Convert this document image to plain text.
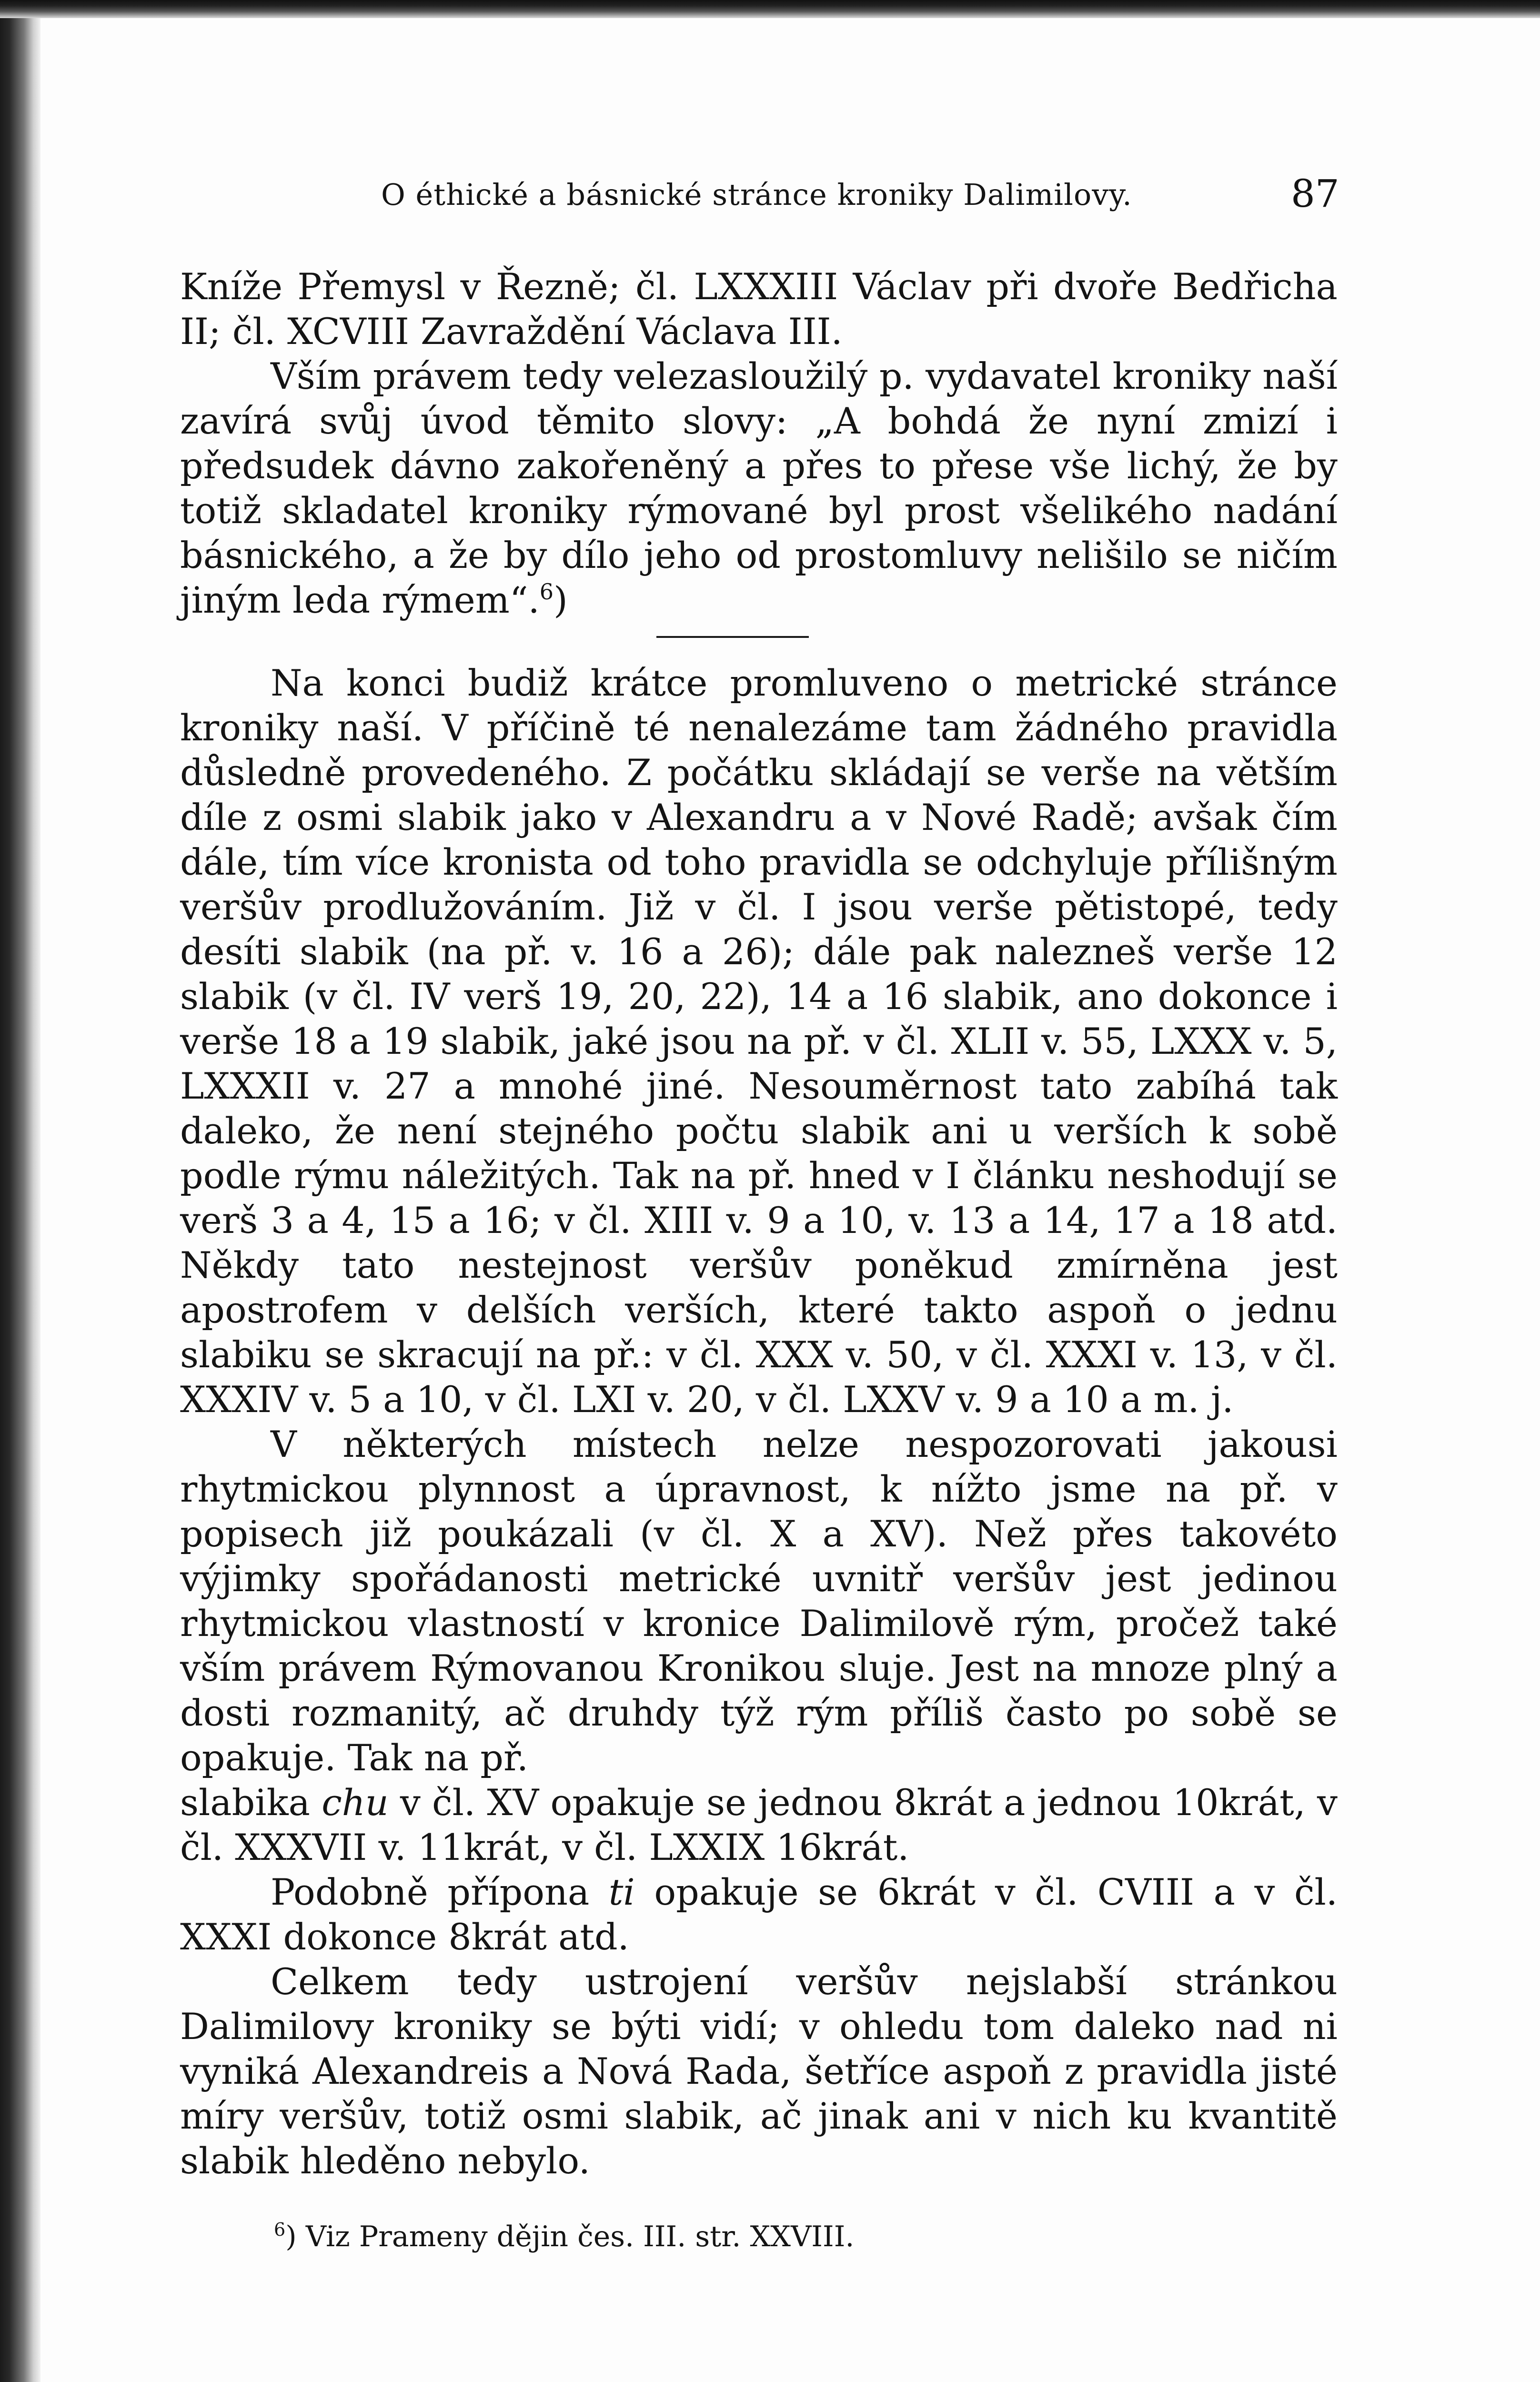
O éthické a básnické stránce kroniky Dalimilovy.	87

Kníže Přemysl v Řezně; čl. LXXXIII Václav při dvoře Bedřicha II; čl. XCVIII Zavraždění Václava III.

Vším právem tedy velezasloužilý p. vydavatel kroniky naší zavírá svůj úvod těmito slovy: „A bohdá že nyní zmizí i předsudek dávno zakořeněný a přes to přese vše lichý, že by totiž skladatel kroniky rýmované byl prost všelikého nadání básnického, a že by dílo jeho od prostomluvy nelišilo se ničím jiným leda rýmem“.$^6$)

Na konci budiž krátce promluveno o metrické stránce kroniky naší. V příčině té nenalezáme tam žádného pravidla důsledně provedeného. Z počátku skládají se verše na větším díle z osmi slabik jako v Alexandru a v Nové Radě; avšak čím dále, tím více kronista od toho pravidla se odchyluje přílišným veršův prodlužováním. Již v čl. I jsou verše pětistopé, tedy desíti slabik (na př. v. 16 a 26); dále pak nalezneš verše 12 slabik (v čl. IV verš 19, 20, 22), 14 a 16 slabik, ano dokonce i verše 18 a 19 slabik, jaké jsou na př. v čl. XLII v. 55, LXXX v. 5, LXXXII v. 27 a mnohé jiné. Nesouměrnost tato zabíhá tak daleko, že není stejného počtu slabik ani u verších k sobě podle rýmu náležitých. Tak na př. hned v I článku neshodují se verš 3 a 4, 15 a 16; v čl. XIII v. 9 a 10, v. 13 a 14, 17 a 18 atd. Někdy tato nestejnost veršův poněkud zmírněna jest apostrofem v delších verších, které takto aspoň o jednu slabiku se skracují na př.: v čl. XXX v. 50, v čl. XXXI v. 13, v čl. XXXIV v. 5 a 10, v čl. LXI v. 20, v čl. LXXV v. 9 a 10 a m. j.

V některých místech nelze nespozorovati jakousi rhytmickou plynnost a úpravnost, k nížto jsme na př. v popisech již poukázali (v čl. X a XV). Než přes takovéto výjimky spořádanosti metrické uvnitř veršův jest jedinou rhytmickou vlastností v kronice Dalimilově rým, pročež také vším právem Rýmovanou Kronikou sluje. Jest na mnoze plný a dosti rozmanitý, ač druhdy týž rým příliš často po sobě se opakuje. Tak na př.

slabika chu v čl. XV opakuje se jednou 8krát a jednou 10krát, v čl. XXXVII v. 11krát, v čl. LXXIX 16krát.

Podobně přípona ti opakuje se 6krát v čl. CVIII a v čl. XXXI dokonce 8krát atd.

Celkem tedy ustrojení veršův nejslabší stránkou Dalimilovy kroniky se býti vidí; v ohledu tom daleko nad ni vyniká Alexandreis a Nová Rada, šetříce aspoň z pravidla jisté míry veršův, totiž osmi slabik, ač jinak ani v nich ku kvantitě slabik hleděno nebylo.

$^6$) Viz Prameny dějin čes. III. str. XXVIII.
